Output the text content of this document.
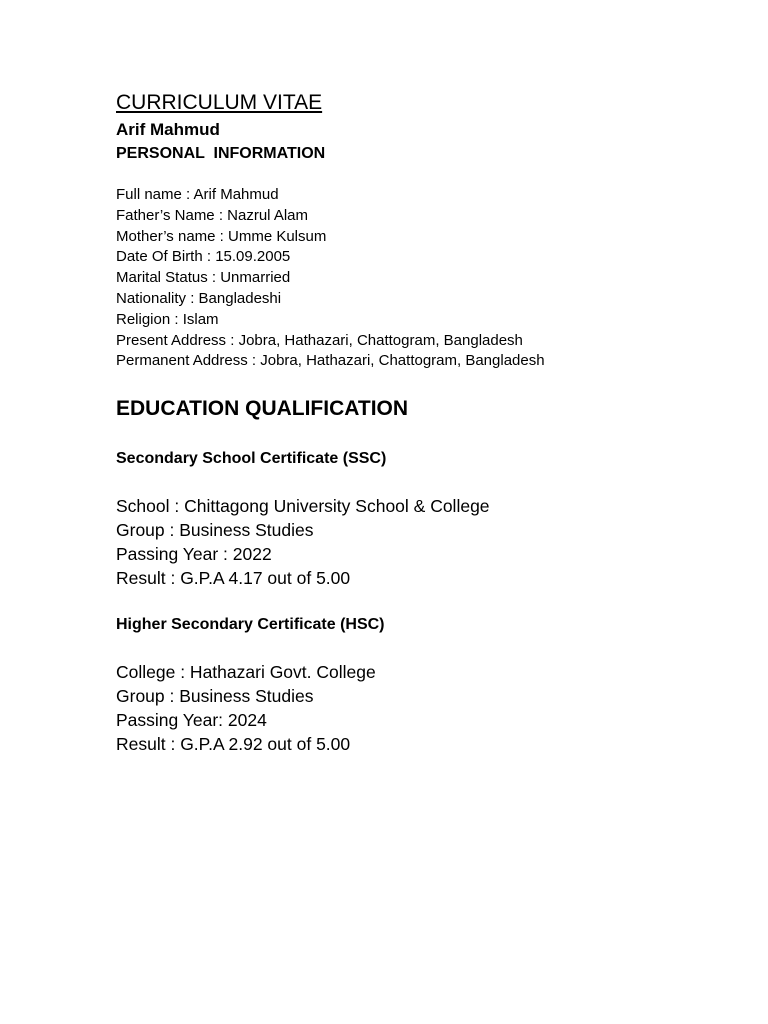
CURRICULUM VITAE
Arif Mahmud
PERSONAL  INFORMATION
Full name : Arif Mahmud
Father’s Name : Nazrul Alam
Mother’s name : Umme Kulsum
Date Of Birth : 15.09.2005
Marital Status : Unmarried
Nationality : Bangladeshi
Religion : Islam
Present Address : Jobra, Hathazari, Chattogram, Bangladesh
Permanent Address : Jobra, Hathazari, Chattogram, Bangladesh
EDUCATION QUALIFICATION
Secondary School Certificate (SSC)
School : Chittagong University School & College
Group : Business Studies
Passing Year : 2022
Result : G.P.A 4.17 out of 5.00
Higher Secondary Certificate (HSC)
College : Hathazari Govt. College
Group : Business Studies
Passing Year: 2024
Result : G.P.A 2.92 out of 5.00
